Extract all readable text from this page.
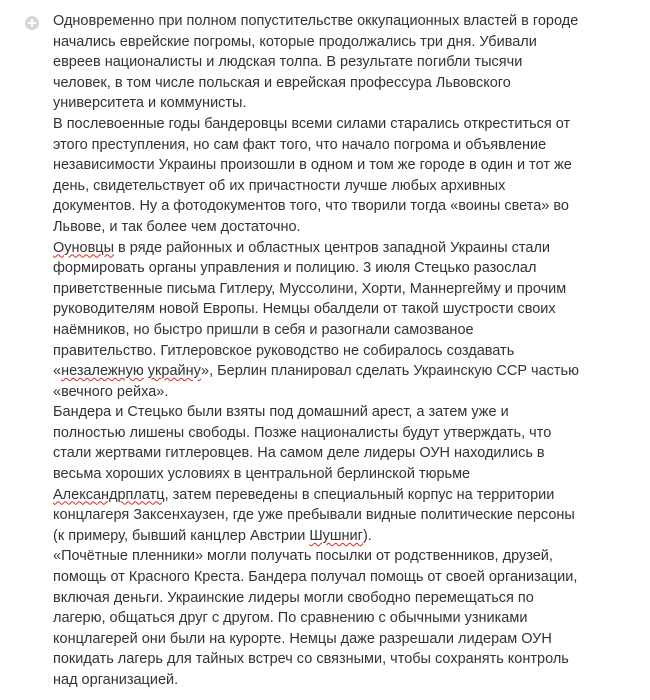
Одновременно при полном попустительстве оккупационных властей в городе
начались еврейские погромы, которые продолжались три дня. Убивали
евреев националисты и людская толпа. В результате погибли тысячи
человек, в том числе польская и еврейская профессура Львовского
университета и коммунисты.
В послевоенные годы бандеровцы всеми силами старались откреститься от
этого преступления, но сам факт того, что начало погрома и объявление
независимости Украины произошли в одном и том же городе в один и тот же
день, свидетельствует об их причастности лучше любых архивных
документов. Ну а фотодокументов того, что творили тогда «воины света» во
Львове, и так более чем достаточно.
Оуновцы в ряде районных и областных центров западной Украины стали
формировать органы управления и полицию. 3 июля Стецько разослал
приветственные письма Гитлеру, Муссолини, Хорти, Маннергейму и прочим
руководителям новой Европы. Немцы обалдели от такой шустрости своих
наёмников, но быстро пришли в себя и разогнали самозваное
правительство. Гитлеровское руководство не собиралось создавать
«незалежную украйну», Берлин планировал сделать Украинскую ССР частью
«вечного рейха».
Бандера и Стецько были взяты под домашний арест, а затем уже и
полностью лишены свободы. Позже националисты будут утверждать, что
стали жертвами гитлеровцев. На самом деле лидеры ОУН находились в
весьма хороших условиях в центральной берлинской тюрьме
Александрплатц, затем переведены в специальный корпус на территории
концлагеря Заксенхаузен, где уже пребывали видные политические персоны
(к примеру, бывший канцлер Австрии Шушниг).
«Почётные пленники» могли получать посылки от родственников, друзей,
помощь от Красного Креста. Бандера получал помощь от своей организации,
включая деньги. Украинские лидеры могли свободно перемещаться по
лагерю, общаться друг с другом. По сравнению с обычными узниками
концлагерей они были на курорте. Немцы даже разрешали лидерам ОУН
покидать лагерь для тайных встреч со связными, чтобы сохранять контроль
над организацией.
